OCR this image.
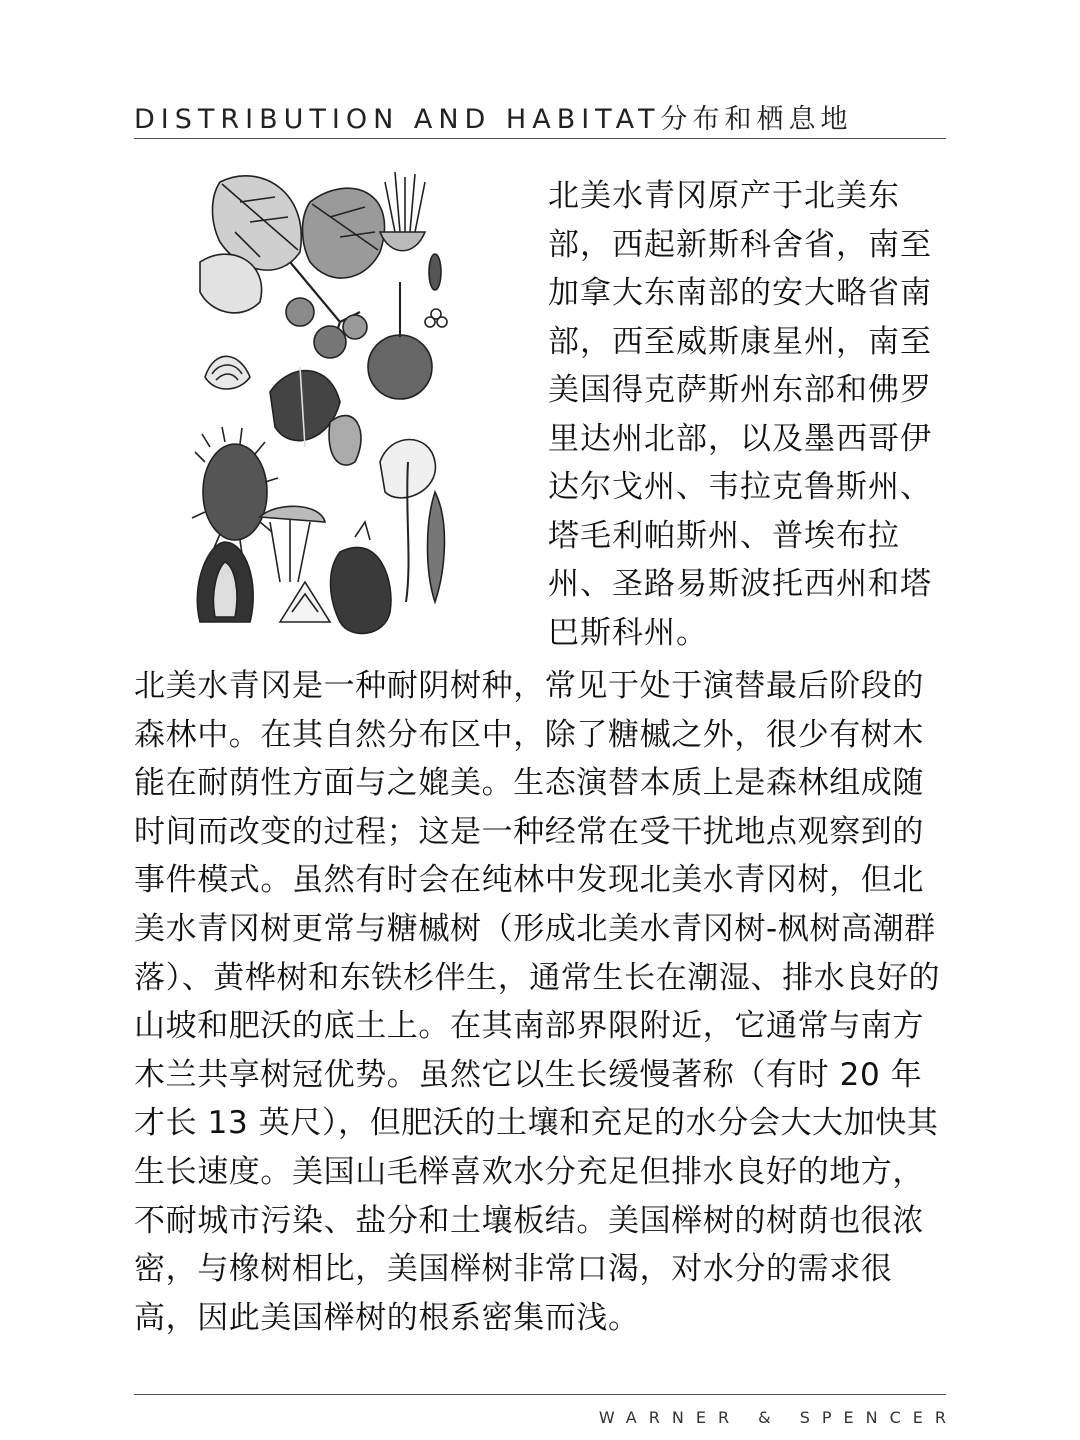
DISTRIBUTION AND HABITAT分布和栖息地

北美水青冈原产于北美东部，西起新斯科舍省，南至加拿大东南部的安大略省南部，西至威斯康星州，南至美国得克萨斯州东部和佛罗里达州北部，以及墨西哥伊达尔戈州、韦拉克鲁斯州、塔毛利帕斯州、普埃布拉州、圣路易斯波托西州和塔巴斯科州。

北美水青冈是一种耐阴树种，常见于处于演替最后阶段的森林中。在其自然分布区中，除了糖槭之外，很少有树木能在耐荫性方面与之媲美。生态演替本质上是森林组成随时间而改变的过程；这是一种经常在受干扰地点观察到的事件模式。虽然有时会在纯林中发现北美水青冈树，但北美水青冈树更常与糖槭树（形成北美水青冈树-枫树高潮群落）、黄桦树和东铁杉伴生，通常生长在潮湿、排水良好的山坡和肥沃的底土上。在其南部界限附近，它通常与南方木兰共享树冠优势。虽然它以生长缓慢著称（有时 20 年才长 13 英尺），但肥沃的土壤和充足的水分会大大加快其生长速度。美国山毛榉喜欢水分充足但排水良好的地方，不耐城市污染、盐分和土壤板结。美国榉树的树荫也很浓密，与橡树相比，美国榉树非常口渴，对水分的需求很高，因此美国榉树的根系密集而浅。

WARNER & SPENCER
